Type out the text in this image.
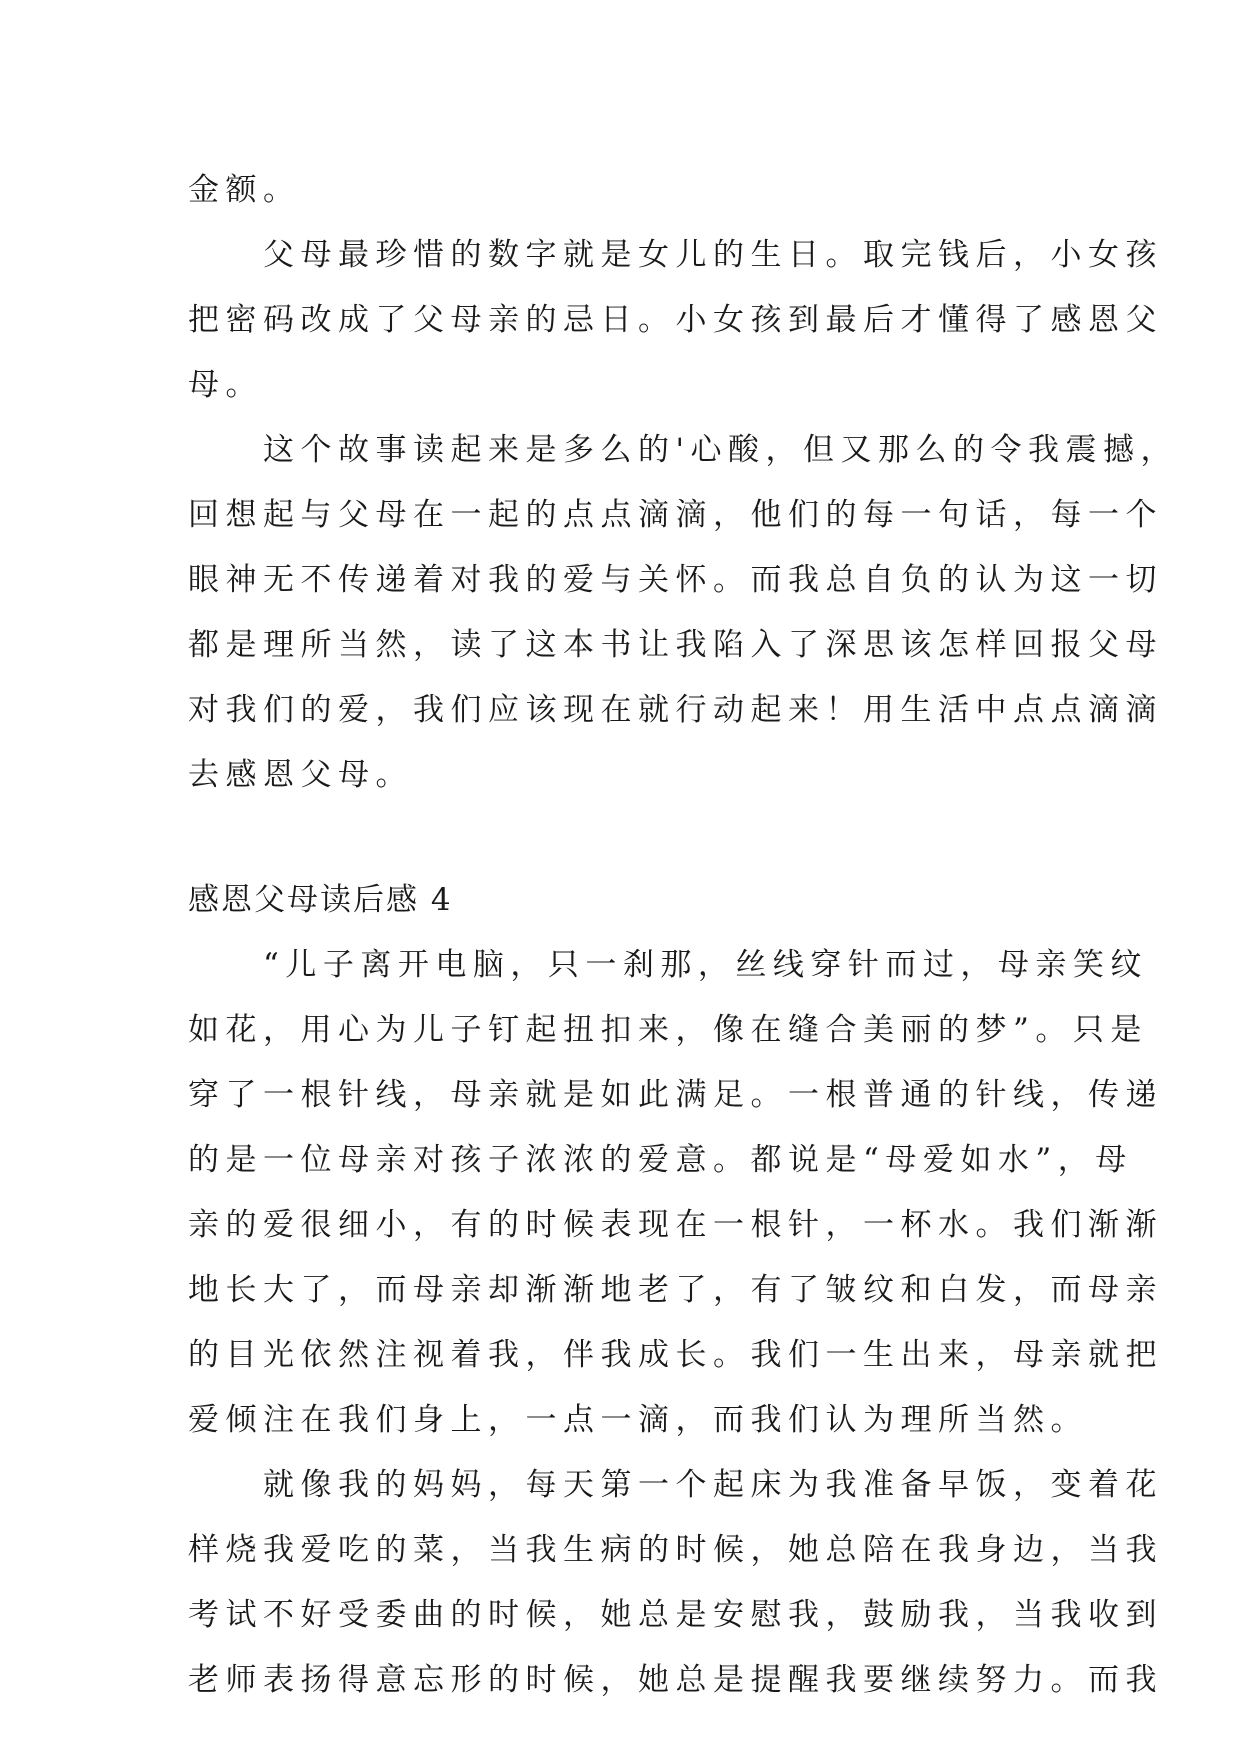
金额。
　　父母最珍惜的数字就是女儿的生日。取完钱后，小女孩
把密码改成了父母亲的忌日。小女孩到最后才懂得了感恩父
母。
　　这个故事读起来是多么的'心酸，但又那么的令我震撼，
回想起与父母在一起的点点滴滴，他们的每一句话，每一个
眼神无不传递着对我的爱与关怀。而我总自负的认为这一切
都是理所当然，读了这本书让我陷入了深思该怎样回报父母
对我们的爱，我们应该现在就行动起来！用生活中点点滴滴
去感恩父母。
感恩父母读后感 4
　　“儿子离开电脑，只一刹那，丝线穿针而过，母亲笑纹
如花，用心为儿子钉起扭扣来，像在缝合美丽的梦”。只是
穿了一根针线，母亲就是如此满足。一根普通的针线，传递
的是一位母亲对孩子浓浓的爱意。都说是“母爱如水”，母
亲的爱很细小，有的时候表现在一根针，一杯水。我们渐渐
地长大了，而母亲却渐渐地老了，有了皱纹和白发，而母亲
的目光依然注视着我，伴我成长。我们一生出来，母亲就把
爱倾注在我们身上，一点一滴，而我们认为理所当然。
　　就像我的妈妈，每天第一个起床为我准备早饭，变着花
样烧我爱吃的菜，当我生病的时候，她总陪在我身边，当我
考试不好受委曲的时候，她总是安慰我，鼓励我，当我收到
老师表扬得意忘形的时候，她总是提醒我要继续努力。而我
